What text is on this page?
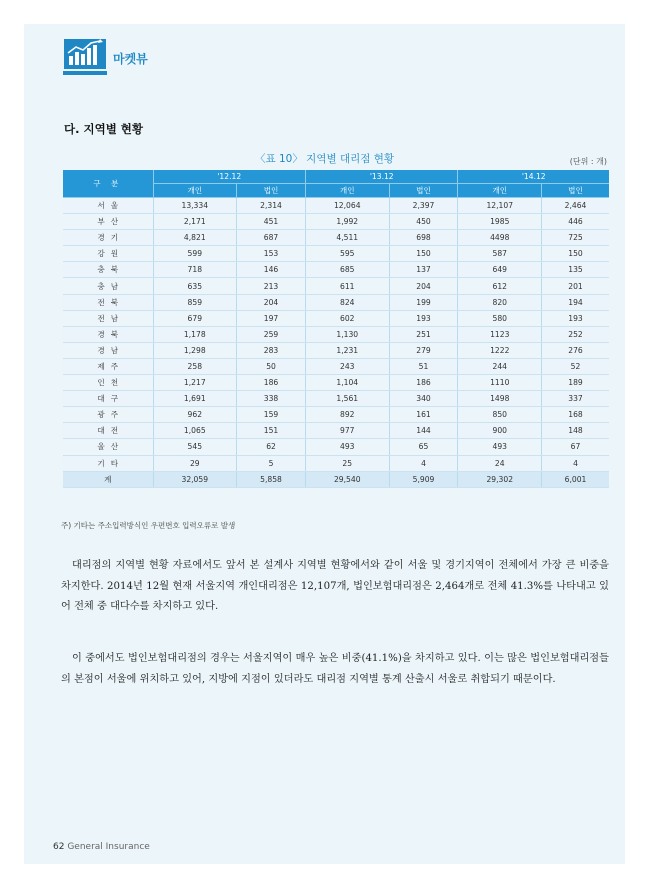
마켓뷰
다. 지역별 현황
〈표 10〉 지역별 대리점 현황	(단위 : 개)
구 분	'12.12		'13.12		'14.12	
	개인	법인	개인	법인	개인	법인
서울	13,334	2,314	12,064	2,397	12,107	2,464
부산	2,171	451	1,992	450	1985	446
경기	4,821	687	4,511	698	4498	725
강원	599	153	595	150	587	150
충북	718	146	685	137	649	135
충남	635	213	611	204	612	201
전북	859	204	824	199	820	194
전남	679	197	602	193	580	193
경북	1,178	259	1,130	251	1123	252
경남	1,298	283	1,231	279	1222	276
제주	258	50	243	51	244	52
인천	1,217	186	1,104	186	1110	189
대구	1,691	338	1,561	340	1498	337
광주	962	159	892	161	850	168
대전	1,065	151	977	144	900	148
울산	545	62	493	65	493	67
기타	29	5	25	4	24	4
계	32,059	5,858	29,540	5,909	29,302	6,001
주) 기타는 주소입력방식인 우편번호 입력오류로 발생

대리점의 지역별 현황 자료에서도 앞서 본 설계사 지역별 현황에서와 같이 서울 및 경기지역이 전체에서 가장 큰 비중을 차지한다. 2014년 12월 현재 서울지역 개인대리점은 12,107개, 법인보험대리점은 2,464개로 전체 41.3%를 나타내고 있어 전체 중 대다수를 차지하고 있다.

이 중에서도 법인보험대리점의 경우는 서울지역이 매우 높은 비중(41.1%)을 차지하고 있다. 이는 많은 법인보험대리점들의 본점이 서울에 위치하고 있어, 지방에 지점이 있더라도 대리점 지역별 통계 산출시 서울로 취합되기 때문이다.

62 General Insurance
